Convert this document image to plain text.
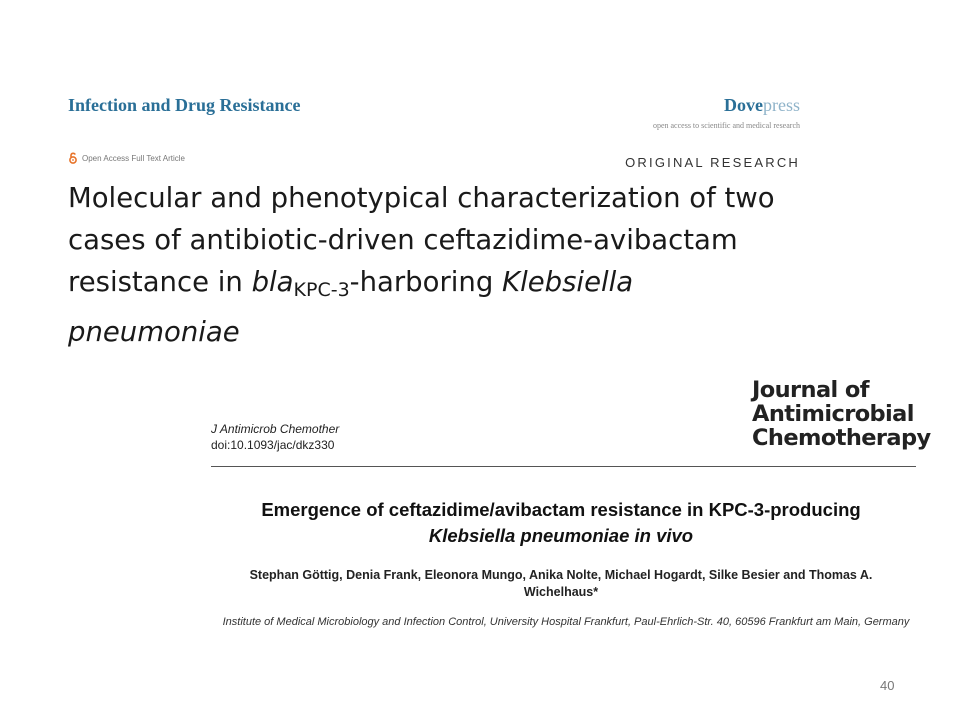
Infection and Drug Resistance	Dovepress
open access to scientific and medical research
Open Access Full Text Article	ORIGINAL RESEARCH
Molecular and phenotypical characterization of two cases of antibiotic-driven ceftazidime-avibactam resistance in blaKPC-3-harboring Klebsiella pneumoniae
Journal of
Antimicrobial
Chemotherapy
J Antimicrob Chemother
doi:10.1093/jac/dkz330
Emergence of ceftazidime/avibactam resistance in KPC-3-producing
Klebsiella pneumoniae in vivo
Stephan Göttig, Denia Frank, Eleonora Mungo, Anika Nolte, Michael Hogardt, Silke Besier and Thomas A. Wichelhaus*
Institute of Medical Microbiology and Infection Control, University Hospital Frankfurt, Paul-Ehrlich-Str. 40, 60596 Frankfurt am Main, Germany
40
